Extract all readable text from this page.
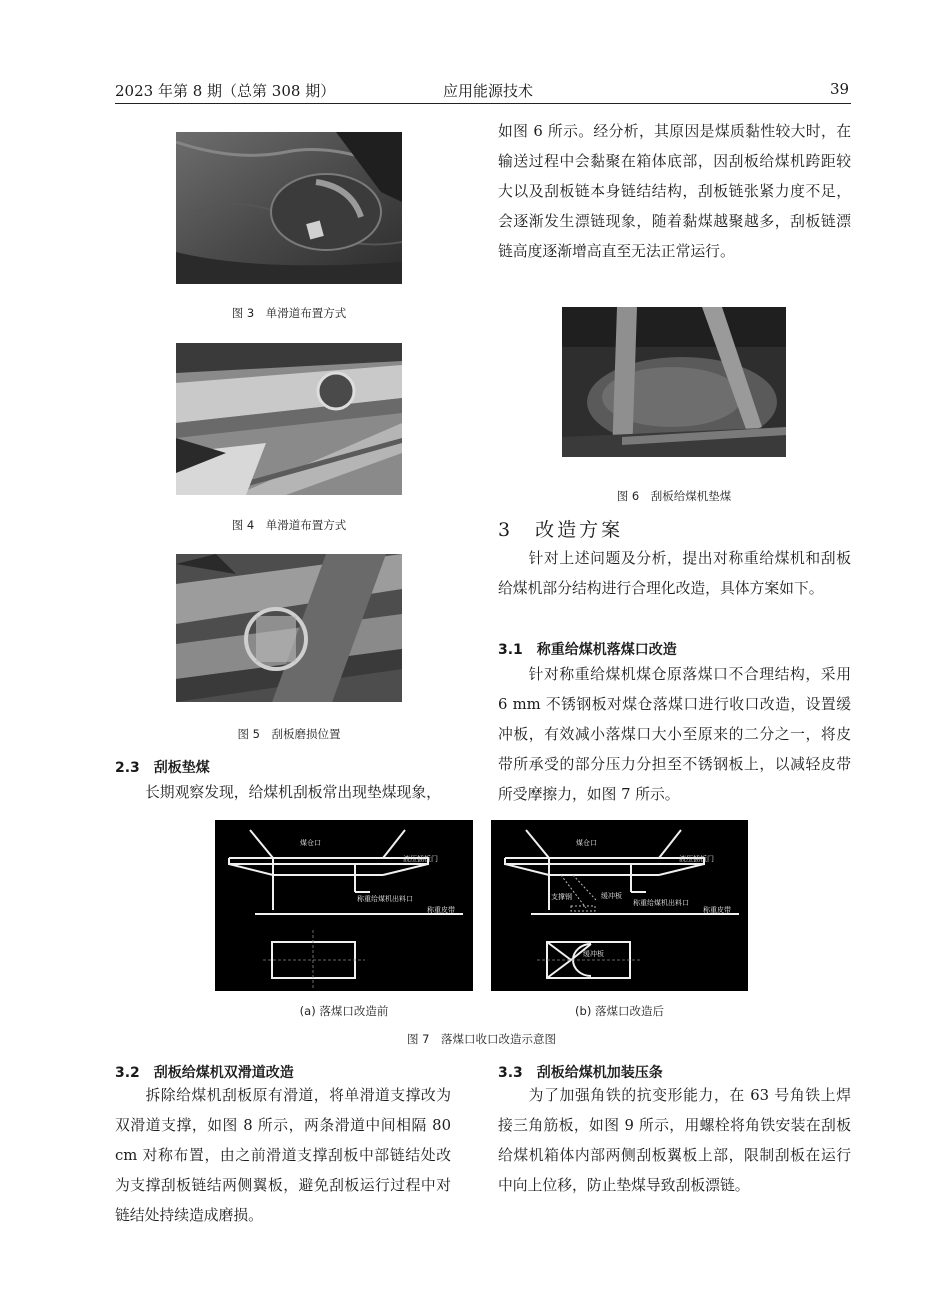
2023 年第 8 期（总第 308 期）	应用能源技术	39
图 3　单滑道布置方式
图 4　单滑道布置方式
图 5　刮板磨损位置
2.3　刮板垫煤
长期观察发现，给煤机刮板常出现垫煤现象，
如图 6 所示。经分析，其原因是煤质黏性较大时，在输送过程中会黏聚在箱体底部，因刮板给煤机跨距较大以及刮板链本身链结结构，刮板链张紧力度不足，会逐渐发生漂链现象，随着黏煤越聚越多，刮板链漂链高度逐渐增高直至无法正常运行。
图 6　刮板给煤机垫煤
3　改造方案
针对上述问题及分析，提出对称重给煤机和刮板给煤机部分结构进行合理化改造，具体方案如下。
3.1　称重给煤机落煤口改造
针对称重给煤机煤仓原落煤口不合理结构，采用 6 mm 不锈钢板对煤仓落煤口进行收口改造，设置缓冲板，有效减小落煤口大小至原来的二分之一，将皮带所承受的部分压力分担至不锈钢板上，以减轻皮带所受摩擦力，如图 7 所示。
煤仓口
液压插板门
称重给煤机出料口
称重皮带
(a) 落煤口改造前
煤仓口
液压插板门
支撑钢	缓冲板
称重给煤机出料口
称重皮带
缓冲板
(b) 落煤口改造后
图 7　落煤口收口改造示意图
3.2　刮板给煤机双滑道改造
拆除给煤机刮板原有滑道，将单滑道支撑改为双滑道支撑，如图 8 所示，两条滑道中间相隔 80 cm 对称布置，由之前滑道支撑刮板中部链结处改为支撑刮板链结两侧翼板，避免刮板运行过程中对链结处持续造成磨损。
3.3　刮板给煤机加装压条
为了加强角铁的抗变形能力，在 63 号角铁上焊接三角筋板，如图 9 所示，用螺栓将角铁安装在刮板给煤机箱体内部两侧刮板翼板上部，限制刮板在运行中向上位移，防止垫煤导致刮板漂链。
